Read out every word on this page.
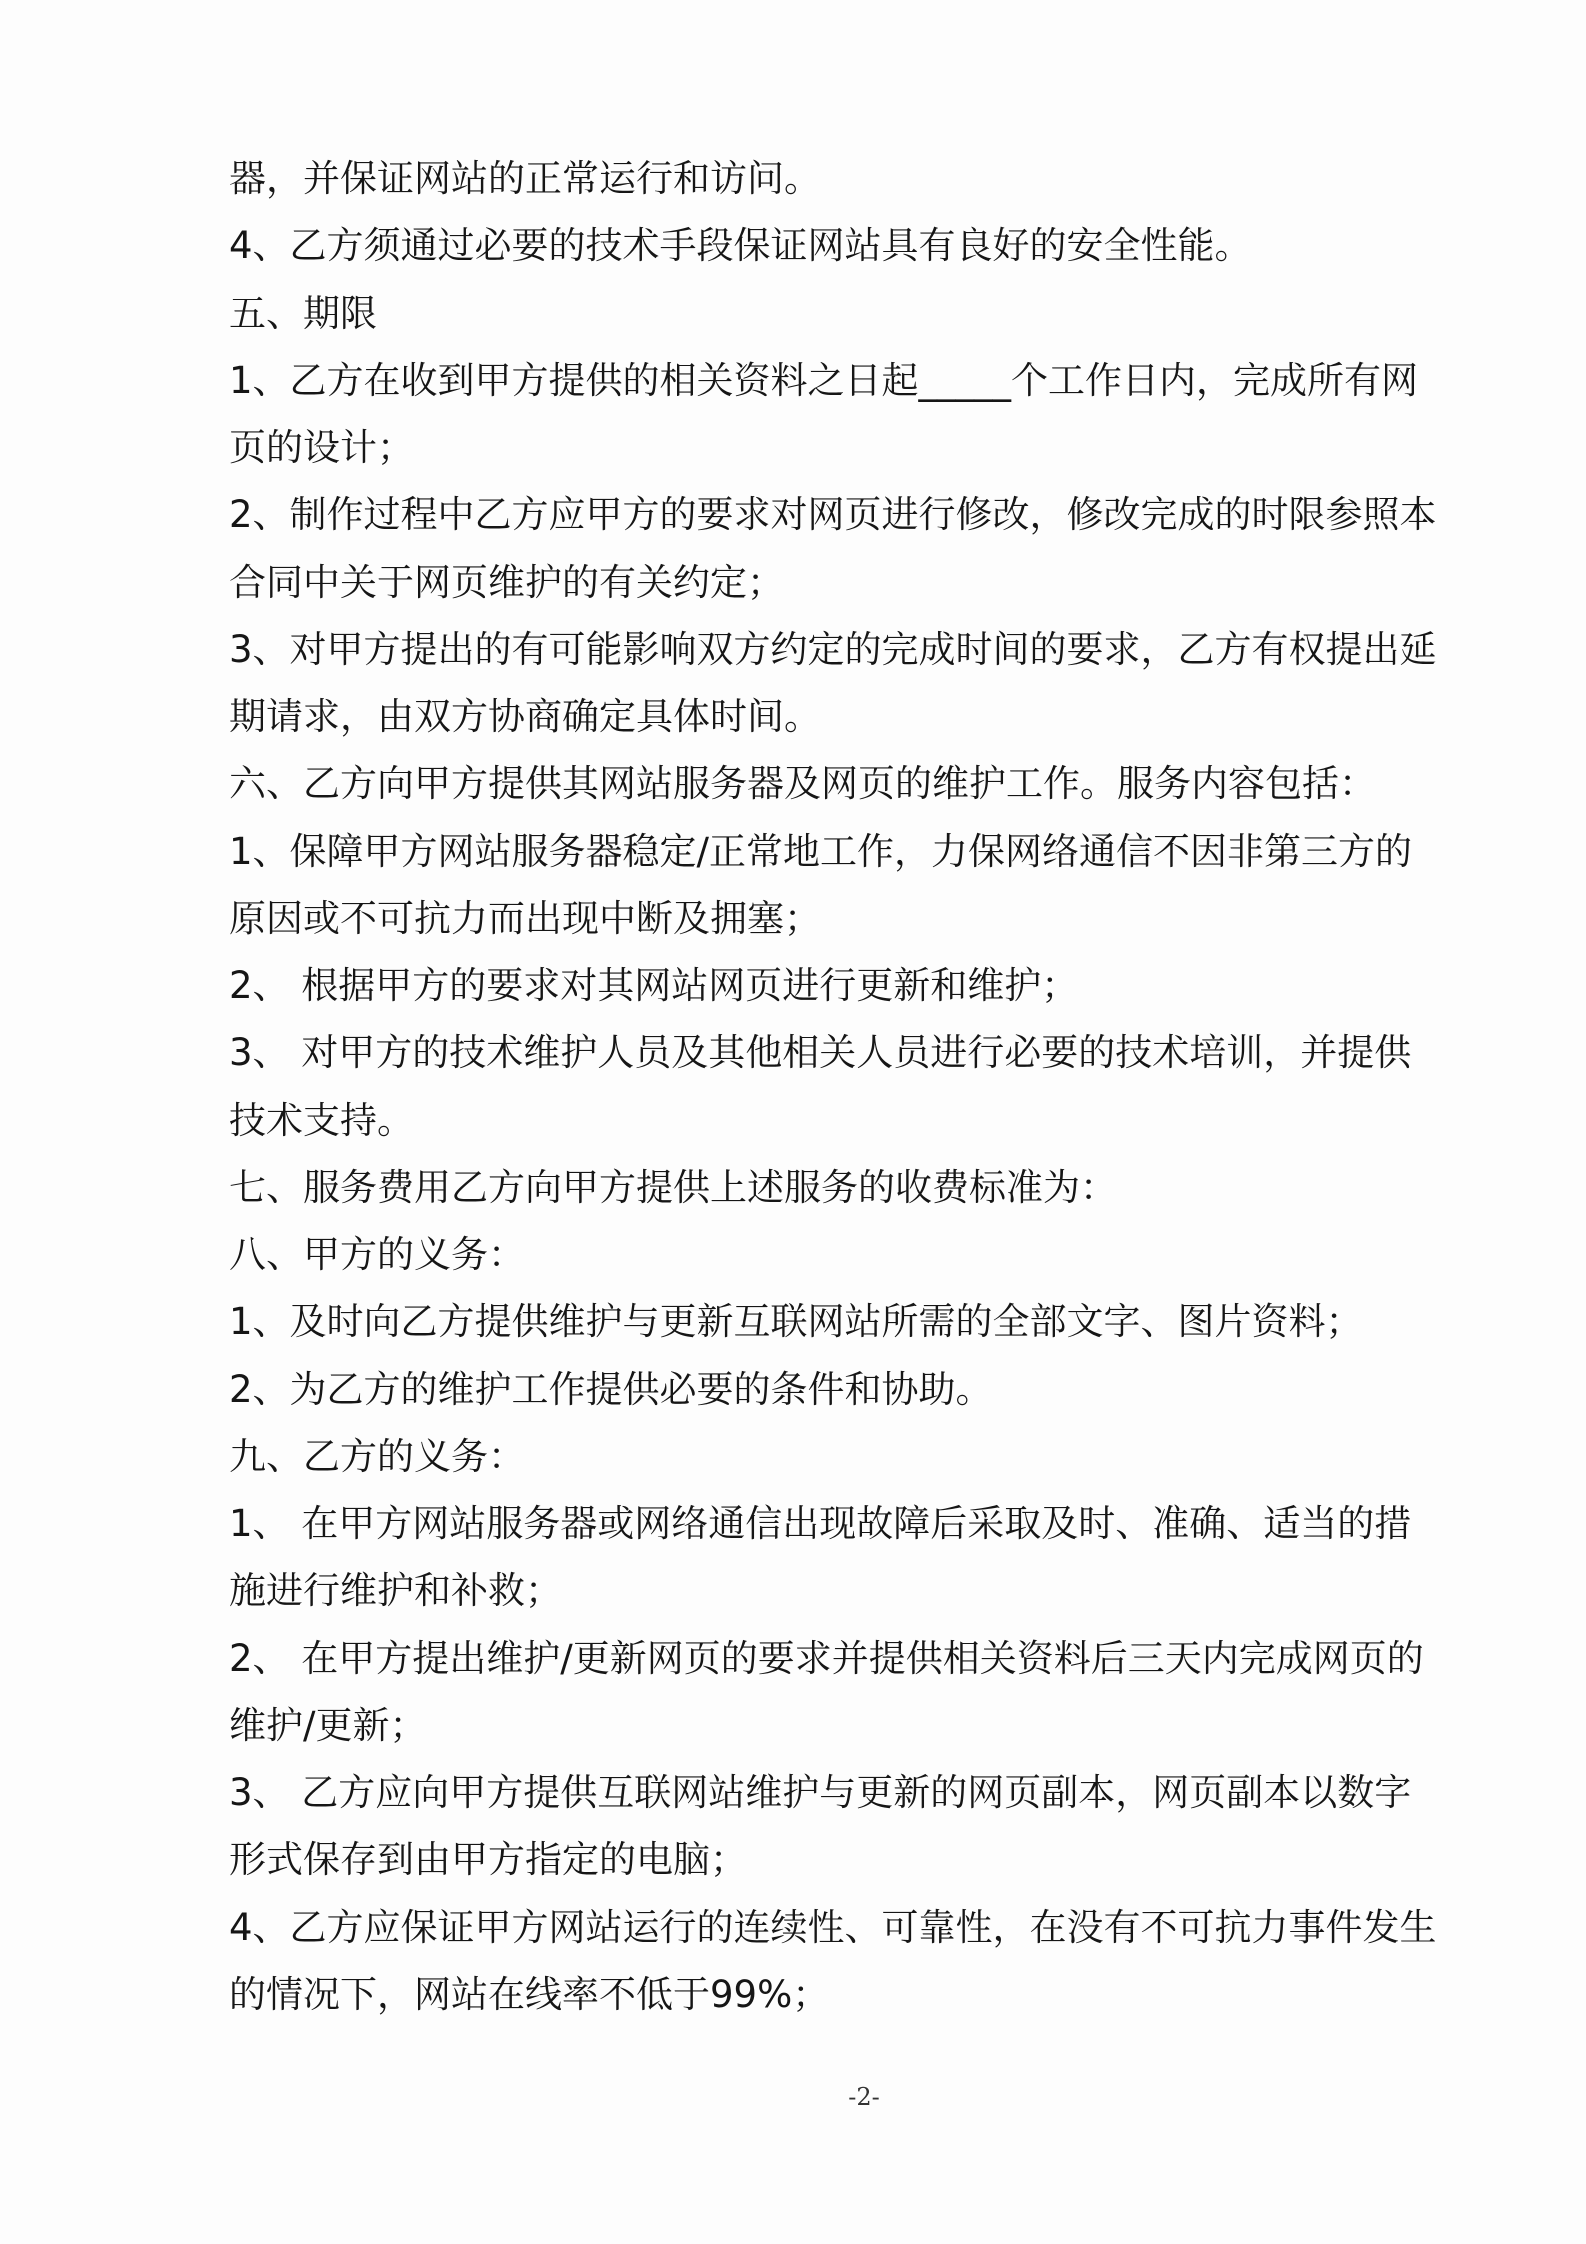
器，并保证网站的正常运行和访问。
4、乙方须通过必要的技术手段保证网站具有良好的安全性能。
五、期限
1、乙方在收到甲方提供的相关资料之日起_____个工作日内，完成所有网
页的设计；
2、制作过程中乙方应甲方的要求对网页进行修改，修改完成的时限参照本
合同中关于网页维护的有关约定；
3、对甲方提出的有可能影响双方约定的完成时间的要求，乙方有权提出延
期请求，由双方协商确定具体时间。
六、乙方向甲方提供其网站服务器及网页的维护工作。服务内容包括：
1、保障甲方网站服务器稳定/正常地工作，力保网络通信不因非第三方的
原因或不可抗力而出现中断及拥塞；
2、 根据甲方的要求对其网站网页进行更新和维护；
3、 对甲方的技术维护人员及其他相关人员进行必要的技术培训，并提供
技术支持。
七、服务费用乙方向甲方提供上述服务的收费标准为：
八、甲方的义务：
1、及时向乙方提供维护与更新互联网站所需的全部文字、图片资料；
2、为乙方的维护工作提供必要的条件和协助。
九、乙方的义务：
1、 在甲方网站服务器或网络通信出现故障后采取及时、准确、适当的措
施进行维护和补救；
2、 在甲方提出维护/更新网页的要求并提供相关资料后三天内完成网页的
维护/更新；
3、 乙方应向甲方提供互联网站维护与更新的网页副本，网页副本以数字
形式保存到由甲方指定的电脑；
4、乙方应保证甲方网站运行的连续性、可靠性，在没有不可抗力事件发生
的情况下，网站在线率不低于99%；
-2-
